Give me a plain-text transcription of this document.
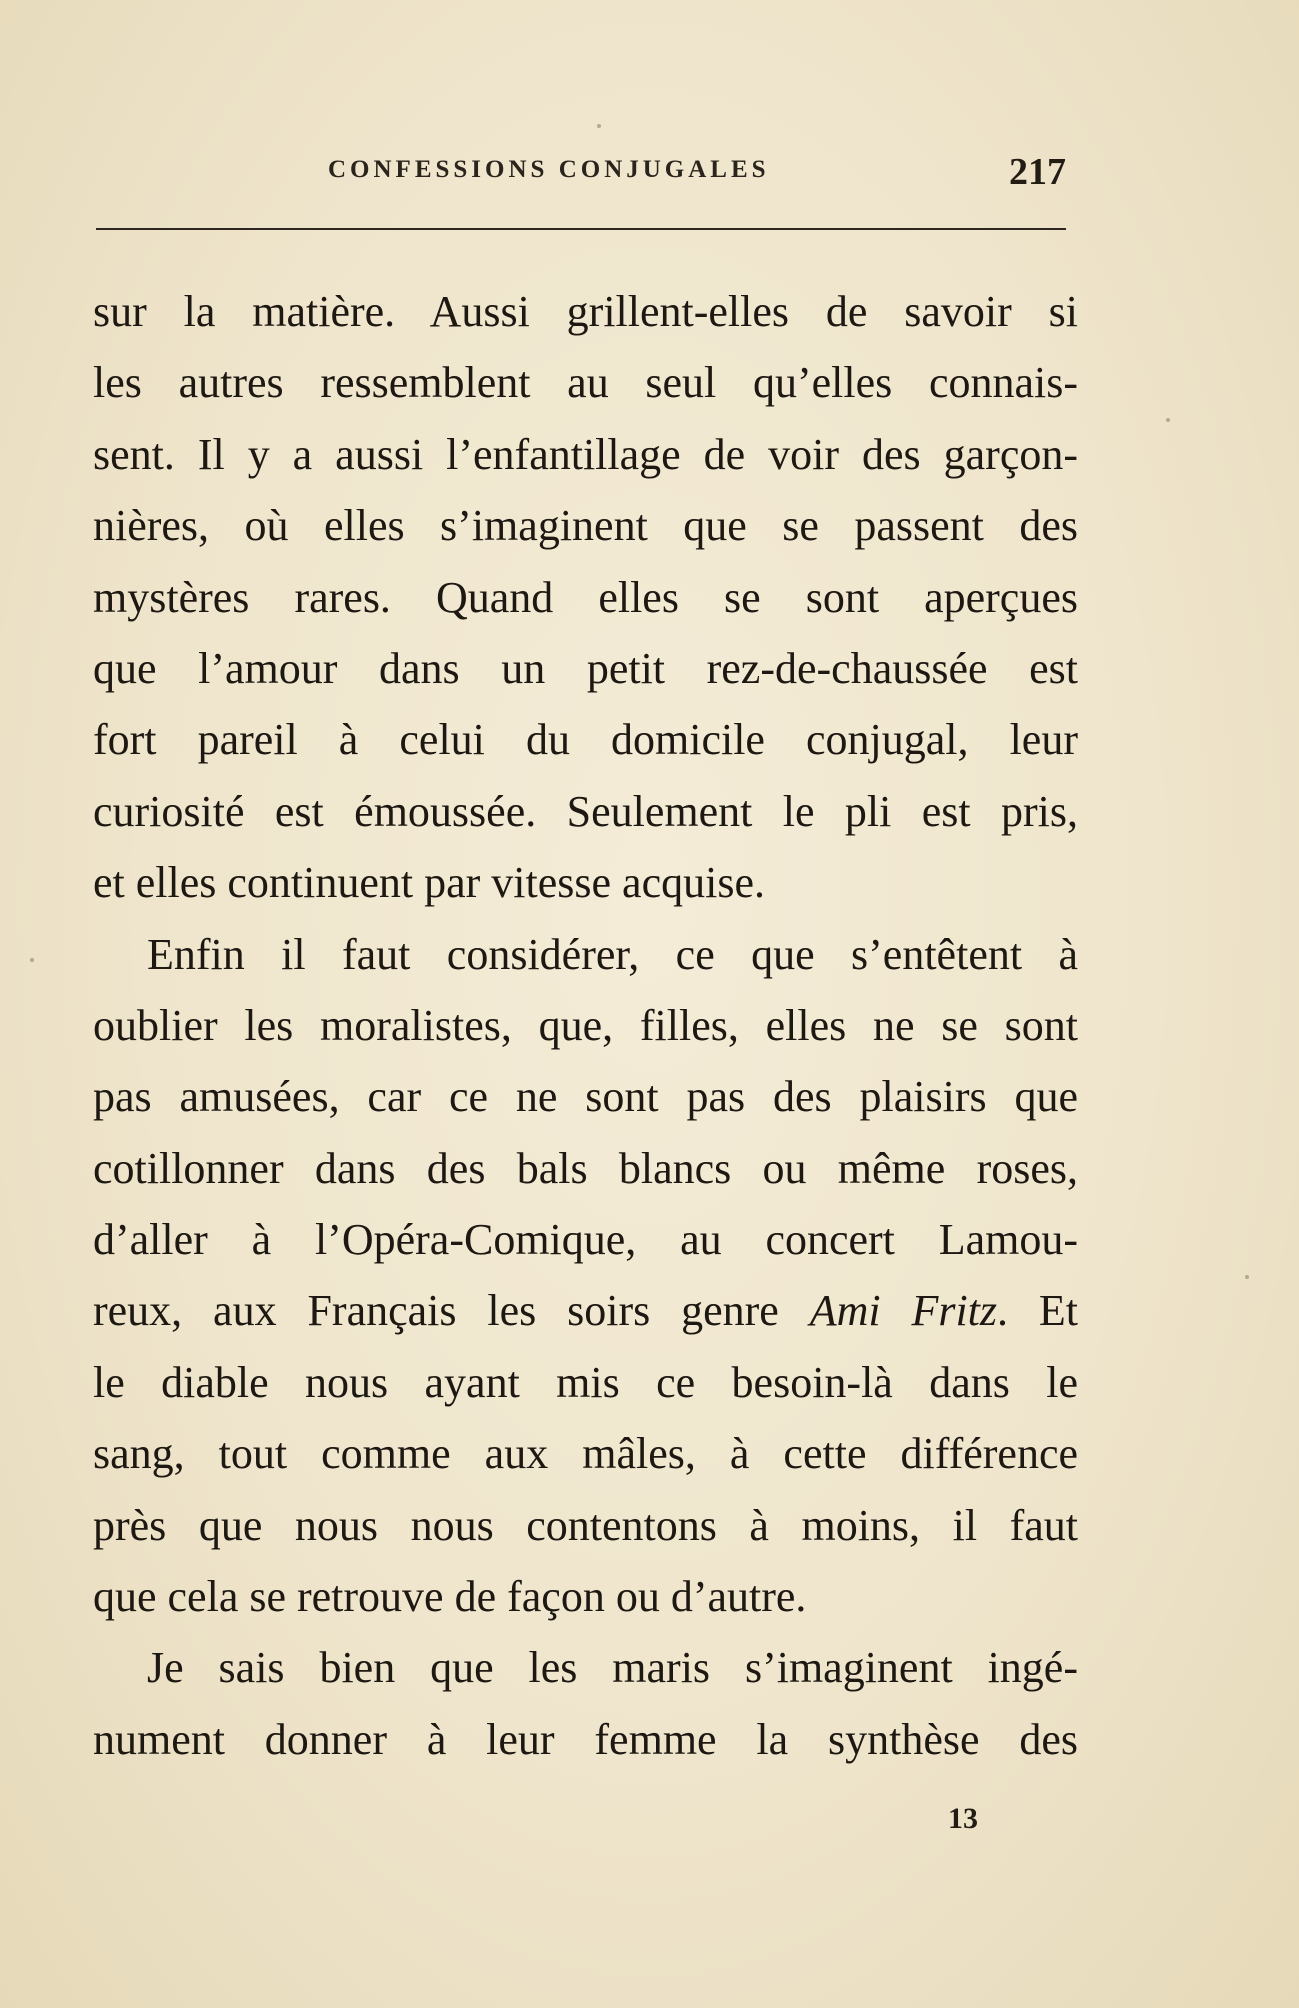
CONFESSIONS CONJUGALES	217
sur la matière. Aussi grillent-elles de savoir si
les autres ressemblent au seul qu’elles connais-
sent. Il y a aussi l’enfantillage de voir des garçon-
nières, où elles s’imaginent que se passent des
mystères rares. Quand elles se sont aperçues
que l’amour dans un petit rez-de-chaussée est
fort pareil à celui du domicile conjugal, leur
curiosité est émoussée. Seulement le pli est pris,
et elles continuent par vitesse acquise.
Enfin il faut considérer, ce que s’entêtent à
oublier les moralistes, que, filles, elles ne se sont
pas amusées, car ce ne sont pas des plaisirs que
cotillonner dans des bals blancs ou même roses,
d’aller à l’Opéra-Comique, au concert Lamou-
reux, aux Français les soirs genre Ami Fritz. Et
le diable nous ayant mis ce besoin-là dans le
sang, tout comme aux mâles, à cette différence
près que nous nous contentons à moins, il faut
que cela se retrouve de façon ou d’autre.
Je sais bien que les maris s’imaginent ingé-
nument donner à leur femme la synthèse des
13
